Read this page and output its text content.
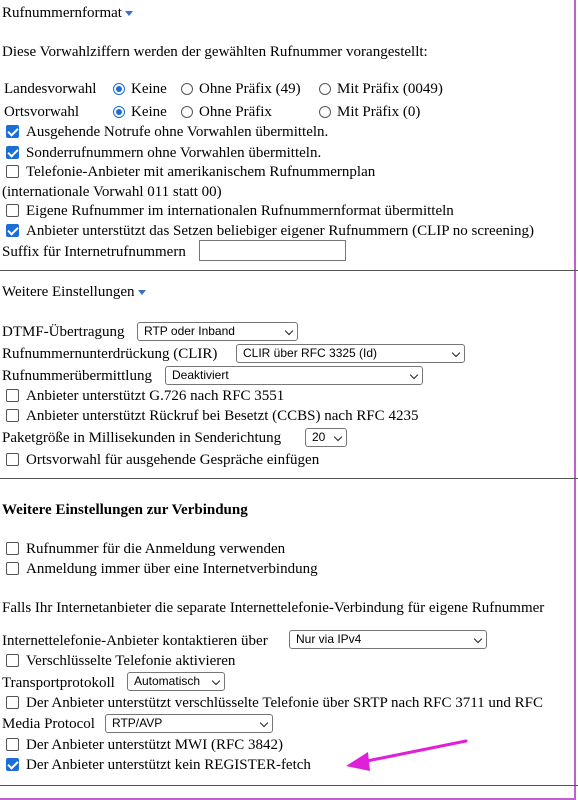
Rufnummernformat
Diese Vorwahlziffern werden der gewählten Rufnummer vorangestellt:
Landesvorwahl	Keine	Ohne Präfix (49)	Mit Präfix (0049)
Ortsvorwahl	Keine	Ohne Präfix	Mit Präfix (0)
Ausgehende Notrufe ohne Vorwahlen übermitteln.
Sonderrufnummern ohne Vorwahlen übermitteln.
Telefonie-Anbieter mit amerikanischem Rufnummernplan
(internationale Vorwahl 011 statt 00)
Eigene Rufnummer im internationalen Rufnummernformat übermitteln
Anbieter unterstützt das Setzen beliebiger eigener Rufnummern (CLIP no screening)
Suffix für Internetrufnummern
Weitere Einstellungen
DTMF-Übertragung	RTP oder Inband
Rufnummernunterdrückung (CLIR)	CLIR über RFC 3325 (Id)
Rufnummerübermittlung	Deaktiviert
Anbieter unterstützt G.726 nach RFC 3551
Anbieter unterstützt Rückruf bei Besetzt (CCBS) nach RFC 4235
Paketgröße in Millisekunden in Senderichtung	20
Ortsvorwahl für ausgehende Gespräche einfügen
Weitere Einstellungen zur Verbindung
Rufnummer für die Anmeldung verwenden
Anmeldung immer über eine Internetverbindung
Falls Ihr Internetanbieter die separate Internettelefonie-Verbindung für eigene Rufnummer
Internettelefonie-Anbieter kontaktieren über	Nur via IPv4
Verschlüsselte Telefonie aktivieren
Transportprotokoll	Automatisch
Der Anbieter unterstützt verschlüsselte Telefonie über SRTP nach RFC 3711 und RFC
Media Protocol	RTP/AVP
Der Anbieter unterstützt MWI (RFC 3842)
Der Anbieter unterstützt kein REGISTER-fetch
